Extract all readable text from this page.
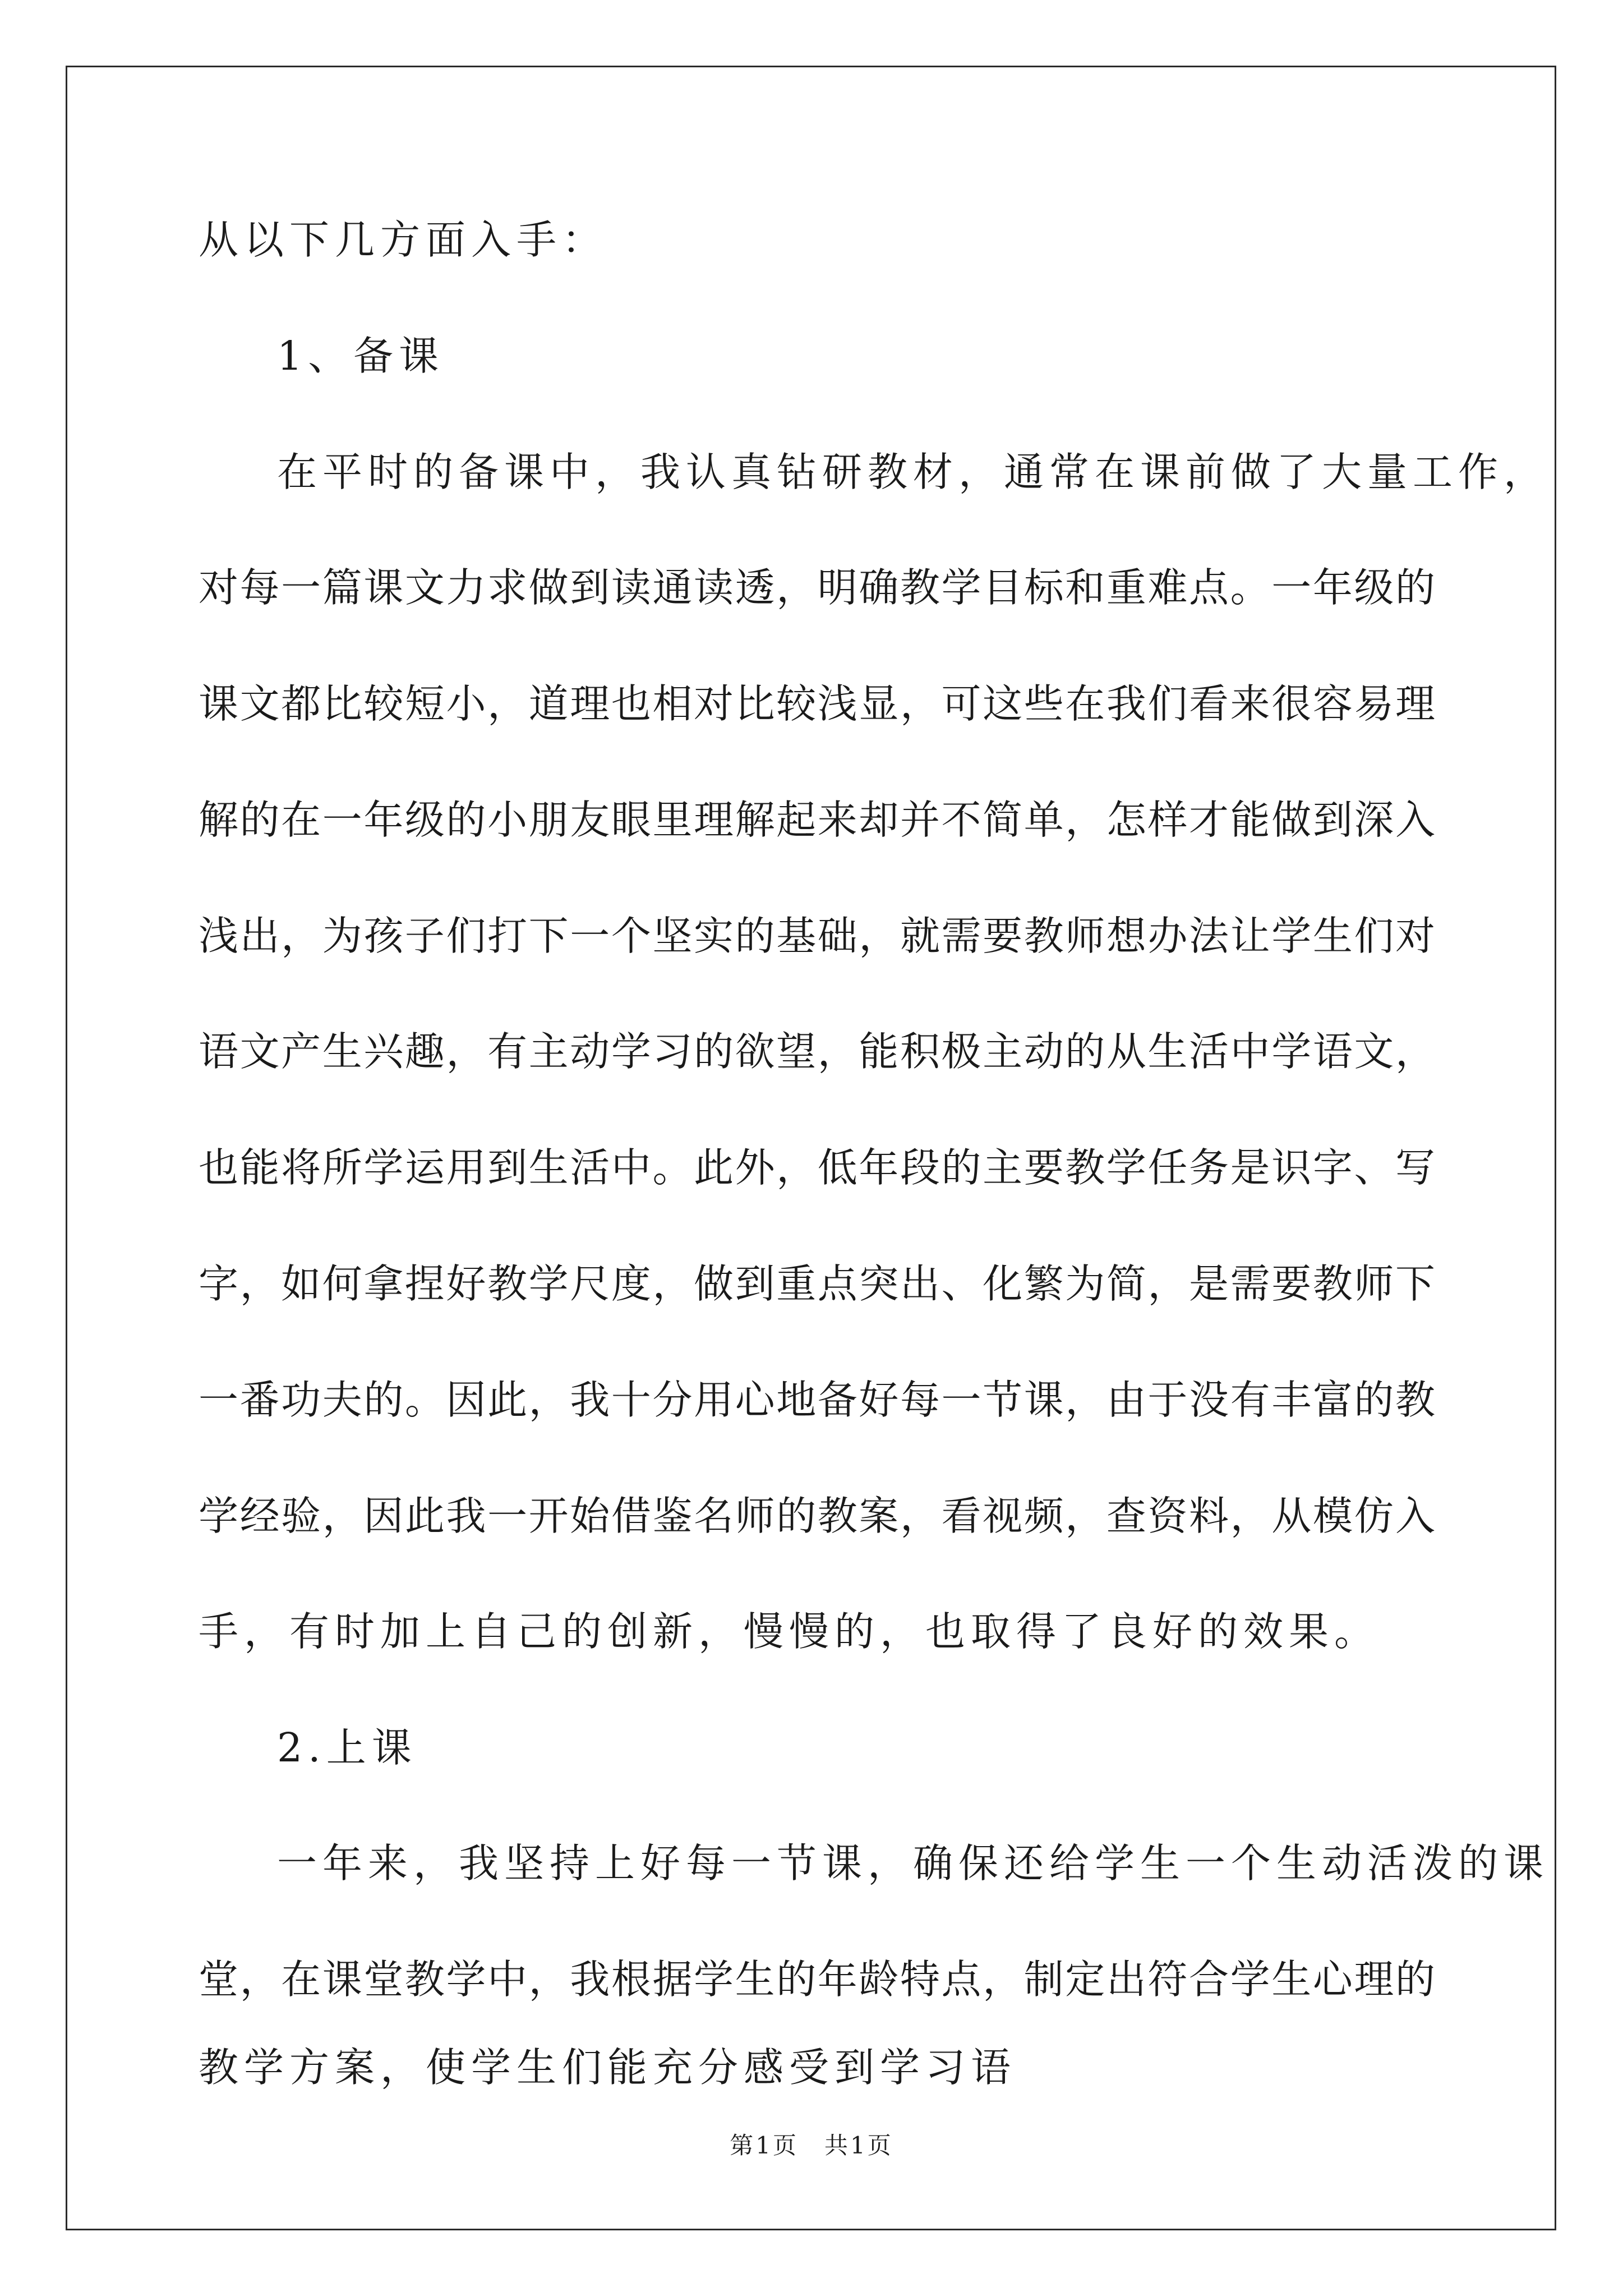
从以下几方面入手：
1、备课
在平时的备课中，我认真钻研教材，通常在课前做了大量工作，
对每一篇课文力求做到读通读透，明确教学目标和重难点。一年级的
课文都比较短小，道理也相对比较浅显，可这些在我们看来很容易理
解的在一年级的小朋友眼里理解起来却并不简单，怎样才能做到深入
浅出，为孩子们打下一个坚实的基础，就需要教师想办法让学生们对
语文产生兴趣，有主动学习的欲望，能积极主动的从生活中学语文，
也能将所学运用到生活中。此外，低年段的主要教学任务是识字、写
字，如何拿捏好教学尺度，做到重点突出、化繁为简，是需要教师下
一番功夫的。因此，我十分用心地备好每一节课，由于没有丰富的教
学经验，因此我一开始借鉴名师的教案，看视频，查资料，从模仿入
手，有时加上自己的创新，慢慢的，也取得了良好的效果。
2.上课
一年来，我坚持上好每一节课，确保还给学生一个生动活泼的课
堂，在课堂教学中，我根据学生的年龄特点，制定出符合学生心理的
教学方案，使学生们能充分感受到学习语
第1页　共1页
